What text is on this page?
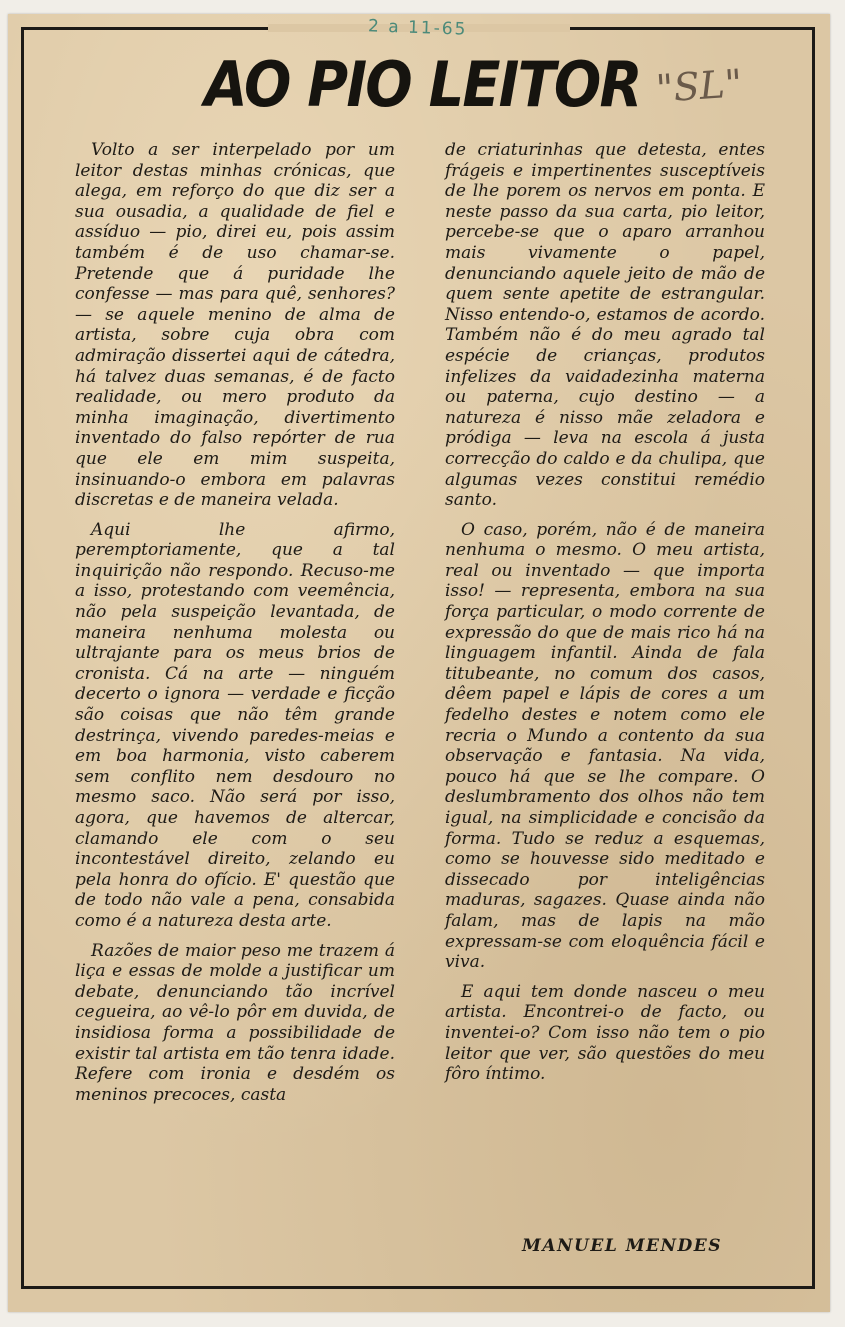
2 a 11-65
AO PIO LEITOR "SL"

Volto a ser interpelado por um leitor destas minhas crónicas, que alega, em reforço do que diz ser a sua ousadia, a qualidade de fiel e assíduo — pio, direi eu, pois assim também é de uso chamar-se. Pretende que á puridade lhe confesse — mas para quê, senhores? — se aquele menino de alma de artista, sobre cuja obra com admiração dissertei aqui de cátedra, há talvez duas semanas, é de facto realidade, ou mero produto da minha imaginação, divertimento inventado do falso repórter de rua que ele em mim suspeita, insinuando-o embora em palavras discretas e de maneira velada.

Aqui lhe afirmo, peremptoriamente, que a tal inquirição não respondo. Recuso-me a isso, protestando com veemência, não pela suspeição levantada, de maneira nenhuma molesta ou ultrajante para os meus brios de cronista. Cá na arte — ninguém decerto o ignora — verdade e ficção são coisas que não têm grande destrinça, vivendo paredes-meias e em boa harmonia, visto caberem sem conflito nem desdouro no mesmo saco. Não será por isso, agora, que havemos de altercar, clamando ele com o seu incontestável direito, zelando eu pela honra do ofício. E' questão que de todo não vale a pena, consabida como é a natureza desta arte.

Razões de maior peso me trazem á liça e essas de molde a justificar um debate, denunciando tão incrível cegueira, ao vê-lo pôr em duvida, de insidiosa forma a possibilidade de existir tal artista em tão tenra idade. Refere com ironia e desdém os meninos precoces, casta

de criaturinhas que detesta, entes frágeis e impertinentes susceptíveis de lhe porem os nervos em ponta. E neste passo da sua carta, pio leitor, percebe-se que o aparo arranhou mais vivamente o papel, denunciando aquele jeito de mão de quem sente apetite de estrangular. Nisso entendo-o, estamos de acordo. Também não é do meu agrado tal espécie de crianças, produtos infelizes da vaidadezinha materna ou paterna, cujo destino — a natureza é nisso mãe zeladora e pródiga — leva na escola á justa correcção do caldo e da chulipa, que algumas vezes constitui remédio santo.

O caso, porém, não é de maneira nenhuma o mesmo. O meu artista, real ou inventado — que importa isso! — representa, embora na sua força particular, o modo corrente de expressão do que de mais rico há na linguagem infantil. Ainda de fala titubeante, no comum dos casos, dêem papel e lápis de cores a um fedelho destes e notem como ele recria o Mundo a contento da sua observação e fantasia. Na vida, pouco há que se lhe compare. O deslumbramento dos olhos não tem igual, na simplicidade e concisão da forma. Tudo se reduz a esquemas, como se houvesse sido meditado e dissecado por inteligências maduras, sagazes. Quase ainda não falam, mas de lapis na mão expressam-se com eloquência fácil e viva.

E aqui tem donde nasceu o meu artista. Encontrei-o de facto, ou inventei-o? Com isso não tem o pio leitor que ver, são questões do meu fôro íntimo.

MANUEL MENDES
